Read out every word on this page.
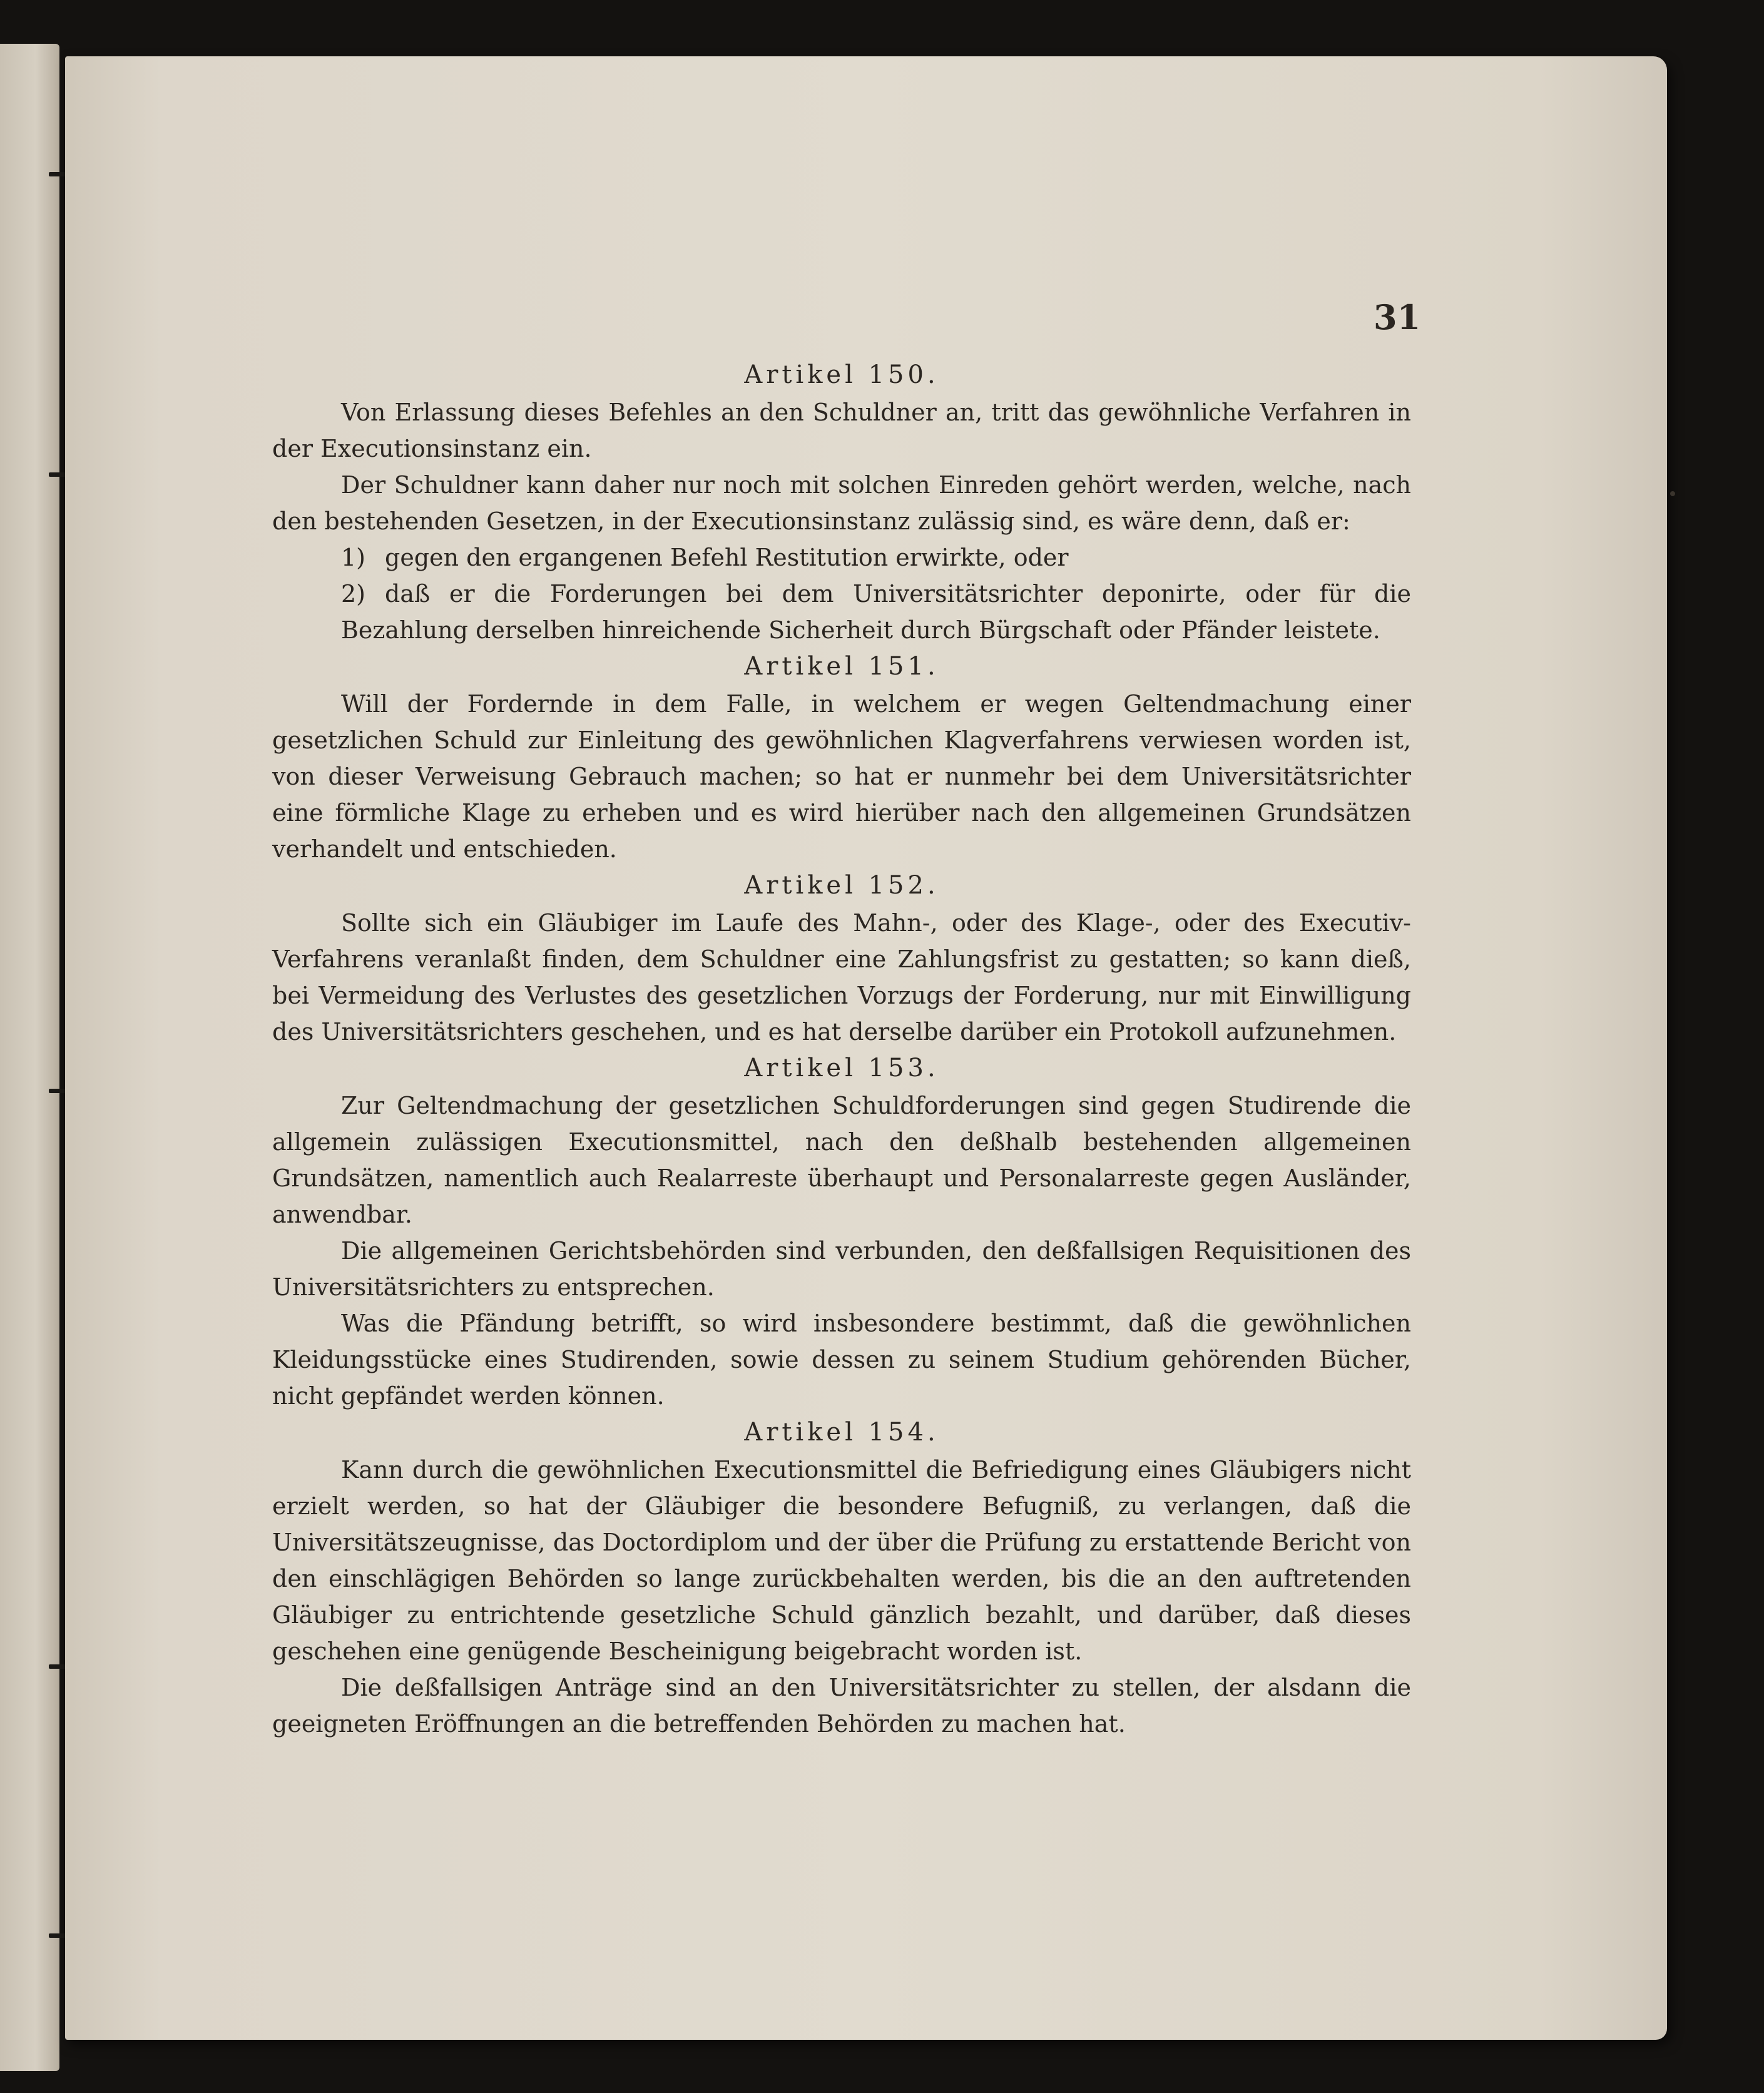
31
Artikel 150.

Von Erlassung dieses Befehles an den Schuldner an, tritt das gewöhnliche Verfahren in der Executionsinstanz ein.

Der Schuldner kann daher nur noch mit solchen Einreden gehört werden, welche, nach den bestehenden Gesetzen, in der Executionsinstanz zulässig sind, es wäre denn, daß er:

1) gegen den ergangenen Befehl Restitution erwirkte, oder

2) daß er die Forderungen bei dem Universitätsrichter deponirte, oder für die Bezahlung derselben hinreichende Sicherheit durch Bürgschaft oder Pfänder leistete.

Artikel 151.

Will der Fordernde in dem Falle, in welchem er wegen Geltendmachung einer gesetzlichen Schuld zur Einleitung des gewöhnlichen Klagverfahrens verwiesen worden ist, von dieser Verweisung Gebrauch machen; so hat er nunmehr bei dem Universitätsrichter eine förmliche Klage zu erheben und es wird hierüber nach den allgemeinen Grundsätzen verhandelt und entschieden.

Artikel 152.

Sollte sich ein Gläubiger im Laufe des Mahn-, oder des Klage-, oder des Executiv-Verfahrens veranlaßt finden, dem Schuldner eine Zahlungsfrist zu gestatten; so kann dieß, bei Vermeidung des Verlustes des gesetzlichen Vorzugs der Forderung, nur mit Einwilligung des Universitätsrichters geschehen, und es hat derselbe darüber ein Protokoll aufzunehmen.

Artikel 153.

Zur Geltendmachung der gesetzlichen Schuldforderungen sind gegen Studirende die allgemein zulässigen Executionsmittel, nach den deßhalb bestehenden allgemeinen Grundsätzen, namentlich auch Realarreste überhaupt und Personalarreste gegen Ausländer, anwendbar.

Die allgemeinen Gerichtsbehörden sind verbunden, den deßfallsigen Requisitionen des Universitätsrichters zu entsprechen.

Was die Pfändung betrifft, so wird insbesondere bestimmt, daß die gewöhnlichen Kleidungsstücke eines Studirenden, sowie dessen zu seinem Studium gehörenden Bücher, nicht gepfändet werden können.

Artikel 154.

Kann durch die gewöhnlichen Executionsmittel die Befriedigung eines Gläubigers nicht erzielt werden, so hat der Gläubiger die besondere Befugniß, zu verlangen, daß die Universitätszeugnisse, das Doctordiplom und der über die Prüfung zu erstattende Bericht von den einschlägigen Behörden so lange zurückbehalten werden, bis die an den auftretenden Gläubiger zu entrichtende gesetzliche Schuld gänzlich bezahlt, und darüber, daß dieses geschehen eine genügende Bescheinigung beigebracht worden ist.

Die deßfallsigen Anträge sind an den Universitätsrichter zu stellen, der alsdann die geeigneten Eröffnungen an die betreffenden Behörden zu machen hat.
